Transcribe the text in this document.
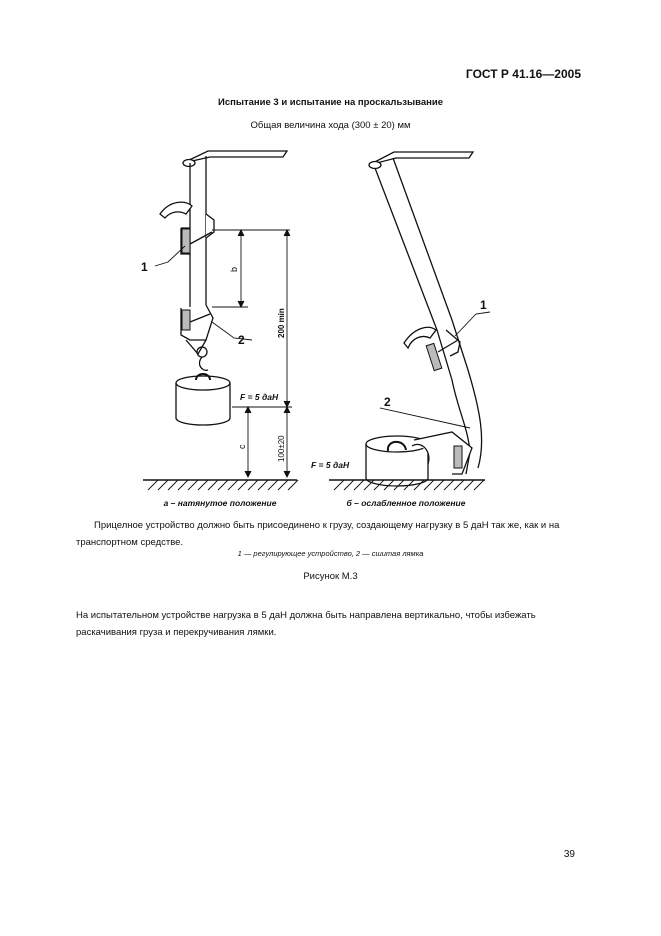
ГОСТ Р 41.16—2005
Испытание 3 и испытание на проскальзывание
Общая величина хода (300 ± 20) мм
1
2
b
200 min
c	100±20
F = 5 даН
1
2
F = 5 даН
а – натянутое положение	б – ослабленное положение
Прицелное устройство должно быть присоединено к грузу, создающему нагрузку в 5 даН так же, как и на транспортном средстве.
1 — регулирующее устройство, 2 — сшитая лямка
Рисунок М.3
На испытательном устройстве нагрузка в 5 даН должна быть направлена вертикально, чтобы избежать раскачивания груза и перекручивания лямки.
39
